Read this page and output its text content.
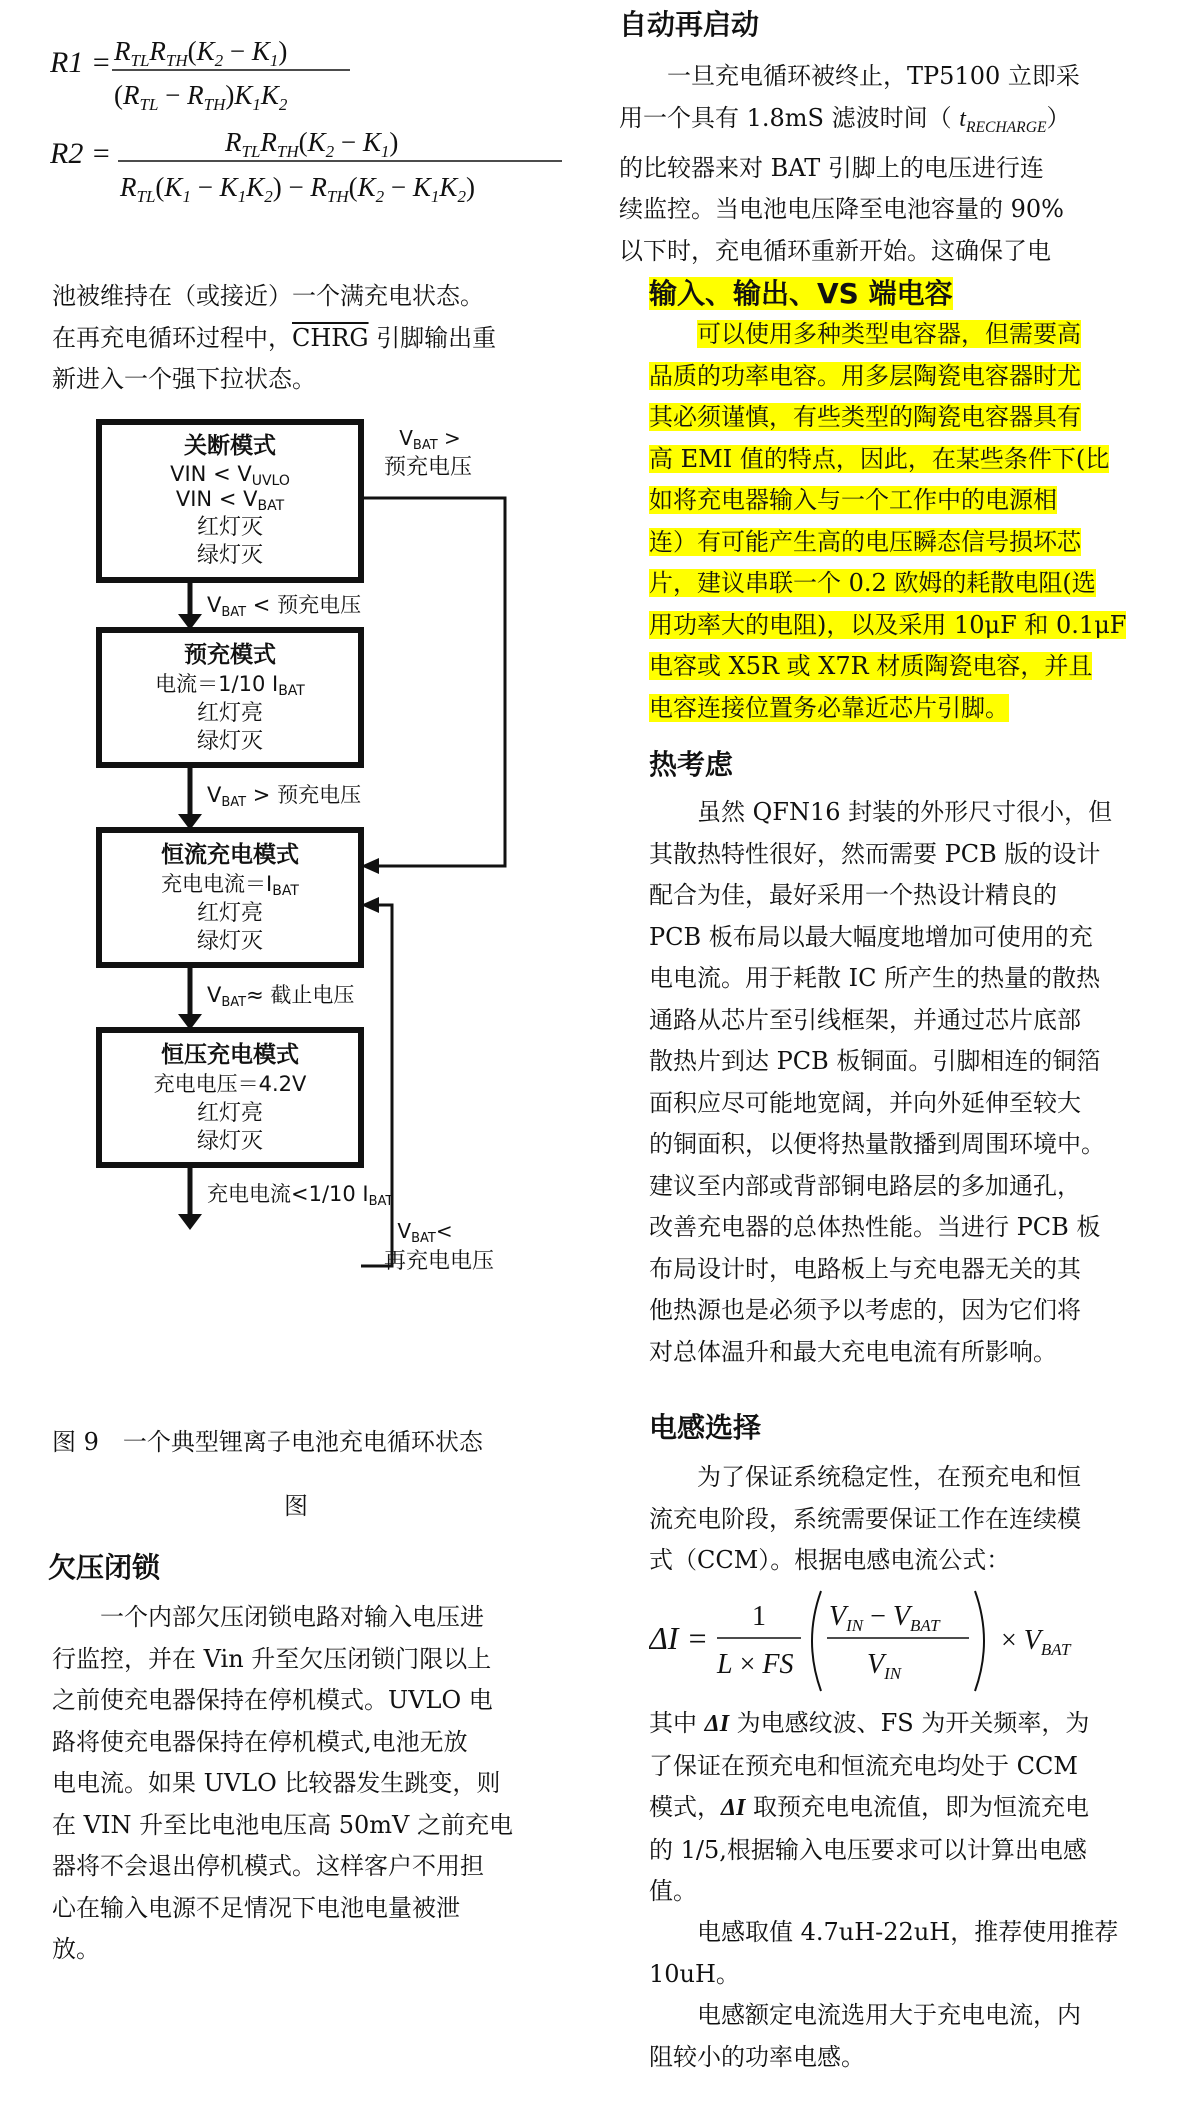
$R1 = R_{TL}R_{TH}(K_2 - K_1)$
$(R_{TL} - R_{TH})K_1K_2$
R2 =	$R_{TL}R_{TH}(K_2 - K_1)$
$R_{TL}(K_1 - K_1K_2) - R_{TH}(K_2 - K_1K_2)$

池被维持在（或接近）一个满充电状态。

在再充电循环过程中，CHRG 引脚输出重

新进入一个强下拉状态。

关断模式
VIN < VUVLO
VIN < VBAT
红灯灭
绿灯灭
预充模式
电流＝1/10 IBAT
红灯亮
绿灯灭
恒流充电模式
充电电流＝IBAT
红灯亮
绿灯灭
恒压充电模式
充电电压＝4.2V
红灯亮
绿灯灭
VBAT < 预充电压
VBAT > 预充电压
VBAT≈ 截止电压
充电电流<1/10 IBAT
$V_{BAT}$ >
预充电压
$V_{BAT}<$
再充电电压

图 9　一个典型锂离子电池充电循环状态

图

欠压闭锁

一个内部欠压闭锁电路对输入电压进

行监控，并在 Vin 升至欠压闭锁门限以上

之前使充电器保持在停机模式。UVLO 电

路将使充电器保持在停机模式,电池无放

电电流。如果 UVLO 比较器发生跳变，则

在 VIN 升至比电池电压高 50mV 之前充电

器将不会退出停机模式。这样客户不用担

心在输入电源不足情况下电池电量被泄

放。

自动再启动

一旦充电循环被终止，TP5100 立即采

用一个具有 1.8mS 滤波时间（ $t_{RECHARGE}$）

的比较器来对 BAT 引脚上的电压进行连

续监控。当电池电压降至电池容量的 90%

以下时，充电循环重新开始。这确保了电

输入、输出、VS 端电容

可以使用多种类型电容器，但需要高

品质的功率电容。用多层陶瓷电容器时尤

其必须谨慎，有些类型的陶瓷电容器具有

高 EMI 值的特点，因此，在某些条件下(比

如将充电器输入与一个工作中的电源相

连）有可能产生高的电压瞬态信号损坏芯

片，建议串联一个 0.2 欧姆的耗散电阻(选

用功率大的电阻)，以及采用 10μF 和 0.1μF

电容或 X5R 或 X7R 材质陶瓷电容，并且

电容连接位置务必靠近芯片引脚。

热考虑

虽然 QFN16 封装的外形尺寸很小，但

其散热特性很好，然而需要 PCB 版的设计

配合为佳，最好采用一个热设计精良的

PCB 板布局以最大幅度地增加可使用的充

电电流。用于耗散 IC 所产生的热量的散热

通路从芯片至引线框架，并通过芯片底部

散热片到达 PCB 板铜面。引脚相连的铜箔

面积应尽可能地宽阔，并向外延伸至较大

的铜面积，以便将热量散播到周围环境中。

建议至内部或背部铜电路层的多加通孔，

改善充电器的总体热性能。当进行 PCB 板

布局设计时，电路板上与充电器无关的其

他热源也是必须予以考虑的，因为它们将

对总体温升和最大充电电流有所影响。

电感选择

为了保证系统稳定性，在预充电和恒

流充电阶段，系统需要保证工作在连续模

式（CCM）。根据电感电流公式：

ΔI =
1
L × FS
$V_{IN} - V_{BAT}$
$V_{IN}$
× $V_{BAT}$

其中 ΔI 为电感纹波、FS 为开关频率，为

了保证在预充电和恒流充电均处于 CCM

模式，ΔI 取预充电电流值，即为恒流充电

的 1/5,根据输入电压要求可以计算出电感

值。

电感取值 4.7uH-22uH，推荐使用推荐

10uH。

电感额定电流选用大于充电电流，内

阻较小的功率电感。
